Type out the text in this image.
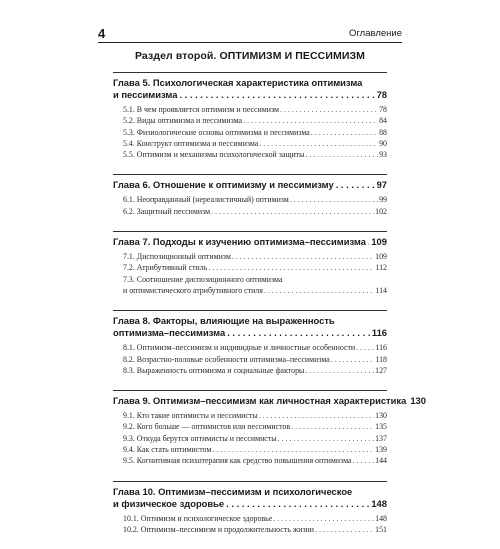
4	Оглавление
Раздел второй. ОПТИМИЗМ И ПЕССИМИЗМ
Глава 5. Психологическая характеристика оптимизма
и пессимизма . . .	78
5.1. В чем проявляется оптимизм и пессимизм . . .	78
5.2. Виды оптимизма и пессимизма . . .	84
5.3. Физиологические основы оптимизма и пессимизма . . .	88
5.4. Конструкт оптимизма и пессимизма . . .	90
5.5. Оптимизм и механизмы психологической защиты . . .	93
Глава 6. Отношение к оптимизму и пессимизму . . .	97
6.1. Неоправданный (нереалистичный) оптимизм . . .	99
6.2. Защитный пессимизм . . .	102
Глава 7. Подходы к изучению оптимизма–пессимизма . . . 109
7.1. Диспозиционный оптимизм . . .	109
7.2. Атрибутивный стиль . . .	112
7.3. Соотношение диспозиционного оптимизма
и оптимистического атрибутивного стиля . . .	114
Глава 8. Факторы, влияющие на выраженность
оптимизма–пессимизма . . .	116
8.1. Оптимизм–пессимизм и индивидные и личностные особенности . . .	116
8.2. Возрастно-половые особенности оптимизма–пессимизма . . .	118
8.3. Выраженность оптимизма и социальные факторы . . .	127
Глава 9. Оптимизм–пессимизм как личностная характеристика 130
9.1. Кто такие оптимисты и пессимисты . . .	130
9.2. Кого больше — оптимистов или пессимистов . . .	135
9.3. Откуда берутся оптимисты и пессимисты . . .	137
9.4. Как стать оптимистом . . .	139
9.5. Когнитивная психотерапия как средство повышения оптимизма . . .	144
Глава 10. Оптимизм–пессимизм и психологическое
и физическое здоровье . . .	148
10.1. Оптимизм и психологическое здоровье . . .	148
10.2. Оптимизм–пессимизм и продолжительность жизни . . .	151
